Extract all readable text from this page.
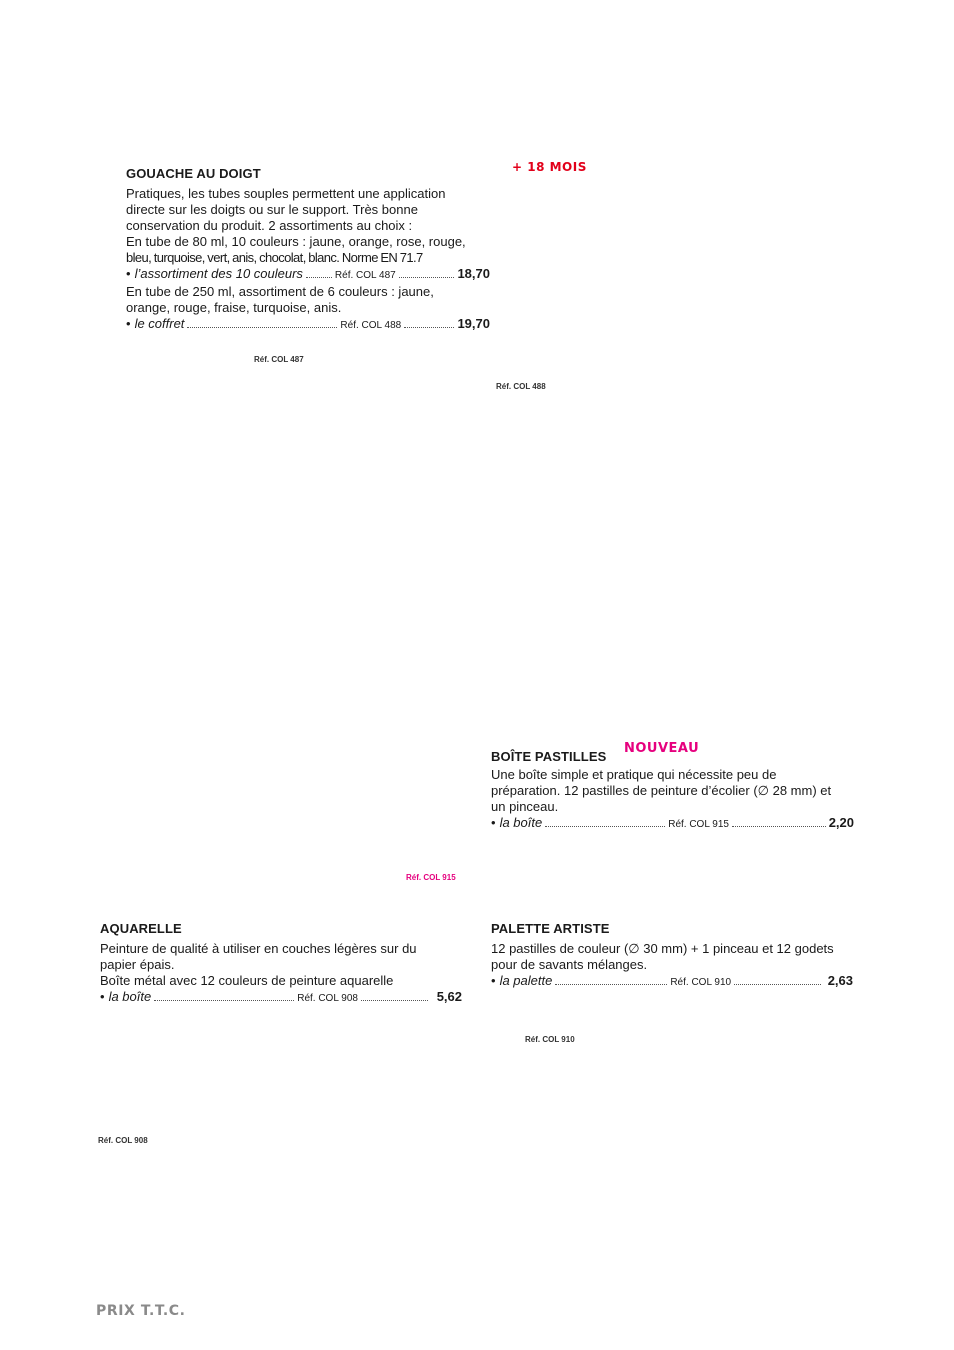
GOUACHE AU DOIGT

Pratiques, les tubes souples permettent une application

directe sur les doigts ou sur le support. Très bonne

conservation du produit. 2 assortiments au choix :

En tube de 80 ml, 10 couleurs : jaune, orange, rose, rouge,

bleu, turquoise, vert, anis, chocolat, blanc. Norme EN 71.7

• l’assortiment des 10 couleurs	Réf. COL 487	18,70

En tube de 250 ml, assortiment de 6 couleurs : jaune,

orange, rouge, fraise, turquoise, anis.

• le coffret	Réf. COL 488	19,70
+ 18 MOIS
Réf. COL 487
Réf. COL 488
BOÎTE PASTILLES

Une boîte simple et pratique qui nécessite peu de

préparation. 12 pastilles de peinture d’écolier (∅ 28 mm) et

un pinceau.

• la boîte	Réf. COL 915	2,20
NOUVEAU
Réf. COL 915
AQUARELLE

Peinture de qualité à utiliser en couches légères sur du

papier épais.

Boîte métal avec 12 couleurs de peinture aquarelle

• la boîte	Réf. COL 908	5,62
Réf. COL 908
PALETTE ARTISTE

12 pastilles de couleur (∅ 30 mm) + 1 pinceau et 12 godets

pour de savants mélanges.

• la palette	Réf. COL 910	2,63
Réf. COL 910
PRIX T.T.C.
